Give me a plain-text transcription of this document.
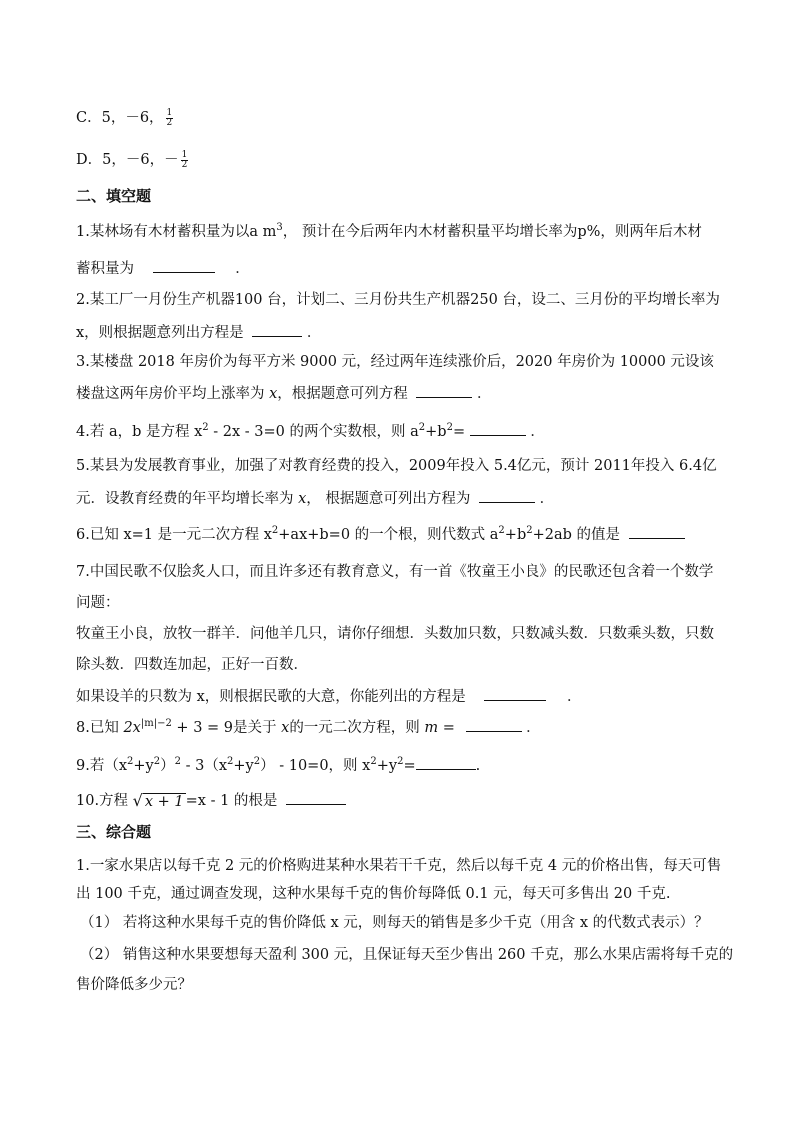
C．5，－6， $\frac{1}{2}$
D．5，－6，－ $\frac{1}{2}$
二、填空题
1.某林场有木材蓄积量为以a $m^3$， 预计在今后两年内木材蓄积量平均增长率为p%，则两年后木材
蓄积量为	．
2.某工厂一月份生产机器100 台，计划二、三月份共生产机器250 台，设二、三月份的平均增长率为
x，则根据题意列出方程是	．
3.某楼盘 2018 年房价为每平方米 9000 元，经过两年连续涨价后，2020 年房价为 10000 元设该
楼盘这两年房价平均上涨率为 x，根据题意可列方程	．
4.若 a，b 是方程 $x^2 - 2x - 3=0$ 的两个实数根，则 $a^2+b^2=$	．
5.某县为发展教育事业，加强了对教育经费的投入，2009年投入 5.4亿元，预计 2011年投入 6.4亿
元．设教育经费的年平均增长率为 x， 根据题意可列出方程为	．
6.已知 x=1 是一元二次方程 $x^2+ax+b=0$ 的一个根，则代数式 $a^2+b^2+2ab$ 的值是
7.中国民歌不仅脍炙人口，而且许多还有教育意义，有一首《牧童王小良》的民歌还包含着一个数学
问题：
牧童王小良，放牧一群羊．问他羊几只，请你仔细想．头数加只数，只数减头数．只数乘头数，只数
除头数．四数连加起，正好一百数．
如果设羊的只数为 x，则根据民歌的大意，你能列出的方程是	．
8.已知 $2x^{|m|-2} + 3 = 9$是关于 x的一元二次方程，则 m =	．
9.若$(x^2+y^2)^2 - 3(x^2+y^2) - 10=0$，则 $x^2+y^2=$	.
10.方程 √ x + 1 =x - 1 的根是
三、综合题
1.一家水果店以每千克 2 元的价格购进某种水果若干千克，然后以每千克 4 元的价格出售，每天可售
出 100 千克，通过调查发现，这种水果每千克的售价每降低 0.1 元，每天可多售出 20 千克.
（1） 若将这种水果每千克的售价降低 x 元，则每天的销售是多少千克（用含 x 的代数式表示）？
（2） 销售这种水果要想每天盈利 300 元，且保证每天至少售出 260 千克，那么水果店需将每千克的
售价降低多少元？
